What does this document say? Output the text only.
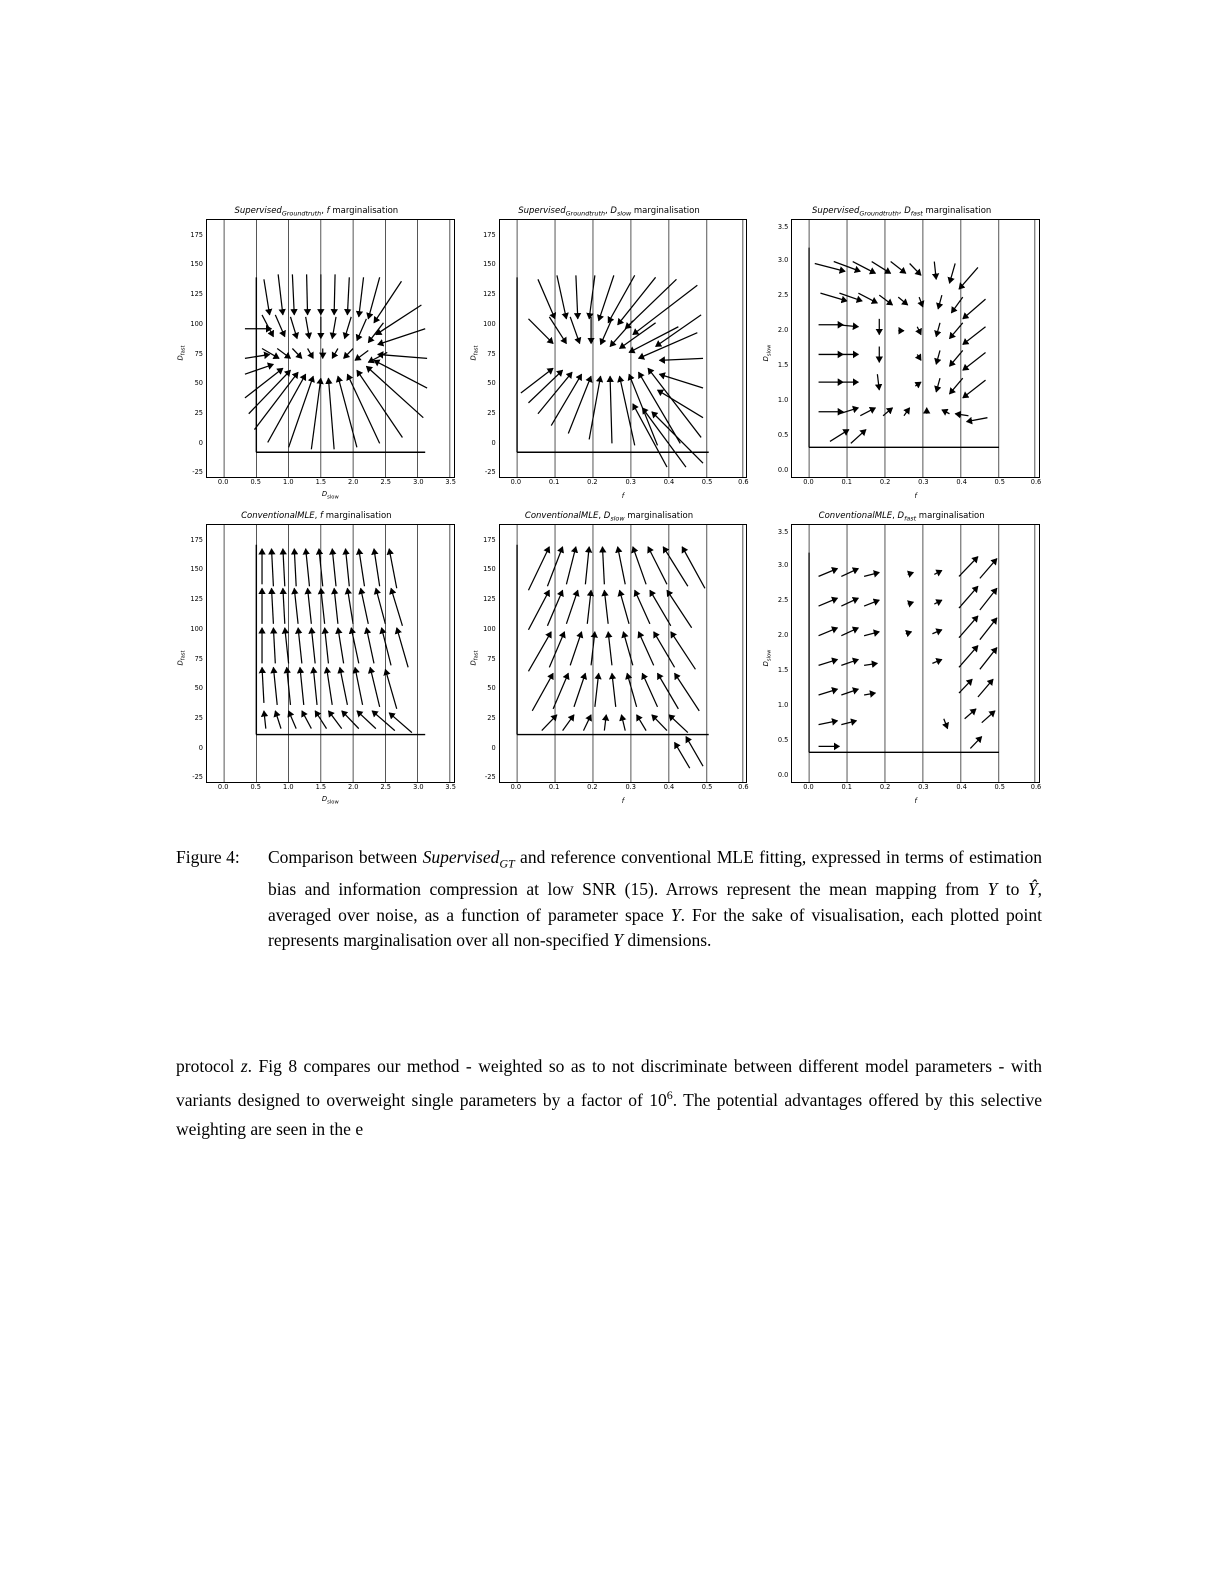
Supervised$_{Groundtruth}$, f marginalisation
$D_{fast}$
-25
0
25
50
75
100
125
150
175
0.0	0.5	1.0	1.5	2.0	2.5	3.0	3.5
$D_{slow}$
Supervised$_{Groundtruth}$, $D_{slow}$ marginalisation
$D_{fast}$
-25
0
25
50
75
100
125
150
175
0.0	0.1	0.2	0.3	0.4	0.5	0.6
f
Supervised$_{Groundtruth}$, $D_{fast}$ marginalisation
$D_{slow}$
0.0
0.5
1.0
1.5
2.0
2.5
3.0
3.5
0.0	0.1	0.2	0.3	0.4	0.5	0.6
f
ConventionalMLE, f marginalisation
$D_{fast}$
-25
0
25
50
75
100
125
150
175
0.0	0.5	1.0	1.5	2.0	2.5	3.0	3.5
$D_{slow}$
ConventionalMLE, $D_{slow}$ marginalisation
$D_{fast}$
-25
0
25
50
75
100
125
150
175
0.0	0.1	0.2	0.3	0.4	0.5	0.6
f
ConventionalMLE, $D_{fast}$ marginalisation
$D_{slow}$
0.0
0.5
1.0
1.5
2.0
2.5
3.0
3.5
0.0	0.1	0.2	0.3	0.4	0.5	0.6
f
Figure 4:	Comparison between Supervised$_{GT}$ and reference conventional MLE fitting, expressed in terms of estimation bias and information compression at low SNR (15). Arrows represent the mean mapping from Y to Ŷ, averaged over noise, as a function of parameter space Y. For the sake of visualisation, each plotted point represents marginalisation over all non-specified Y dimensions.
protocol z. Fig 8 compares our method - weighted so as to not discriminate between different model parameters - with variants designed to overweight single parameters by a factor of $10^6$. The potential advantages offered by this selective weighting are seen in the e
